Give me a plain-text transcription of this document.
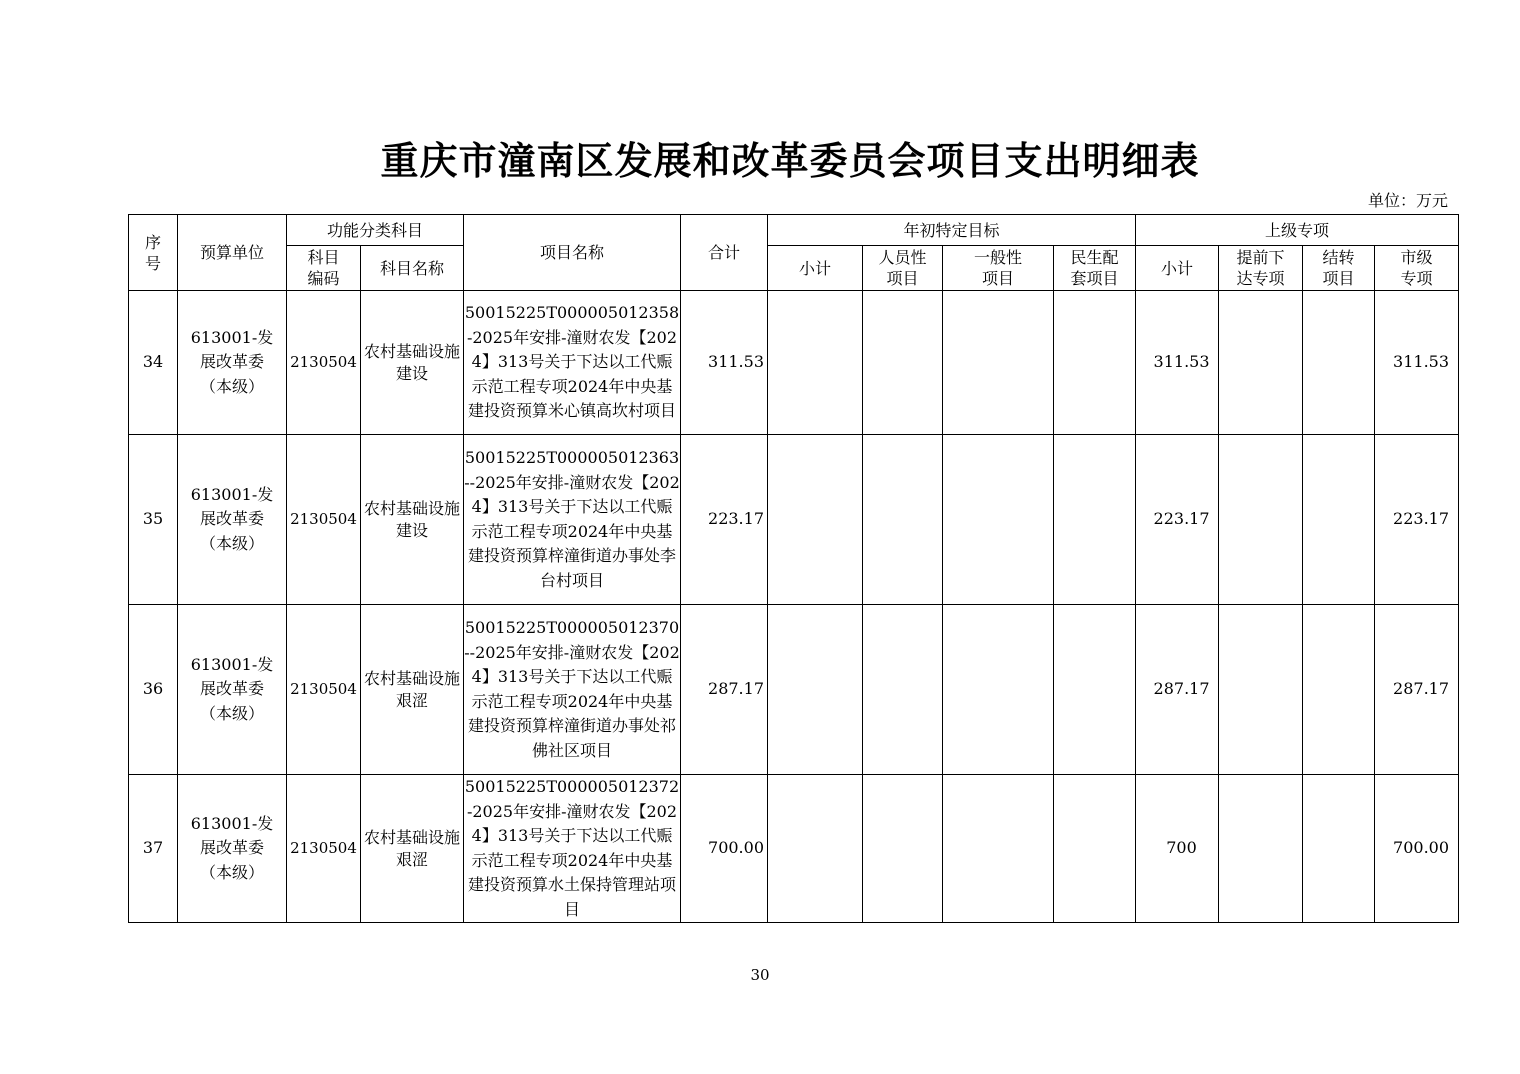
重庆市潼南区发展和改革委员会项目支出明细表
单位：万元
序号	预算单位	功能分类科目		项目名称	合计	年初特定目标				上级专项			
		科目编码	科目名称			小计	人员性项目	一般性项目	民生配套项目	小计	提前下达专项	结转项目	市级专项
34	613001-发展改革委（本级）	2130504	农村基础设施建设	50015225T000005012358-2025年安排-潼财农发【2024】313号关于下达以工代赈示范工程专项2024年中央基建投资预算米心镇高坎村项目	311.53					311.53			311.53
35	613001-发展改革委（本级）	2130504	农村基础设施建设	50015225T000005012363--2025年安排-潼财农发【2024】313号关于下达以工代赈示范工程专项2024年中央基建投资预算梓潼街道办事处李台村项目	223.17					223.17			223.17
36	613001-发展改革委（本级）	2130504	农村基础设施艰涩	50015225T000005012370--2025年安排-潼财农发【2024】313号关于下达以工代赈示范工程专项2024年中央基建投资预算梓潼街道办事处祁佛社区项目	287.17					287.17			287.17
37	613001-发展改革委（本级）	2130504	农村基础设施艰涩	50015225T000005012372-2025年安排-潼财农发【2024】313号关于下达以工代赈示范工程专项2024年中央基建投资预算水土保持管理站项目	700.00					700			700.00
30
